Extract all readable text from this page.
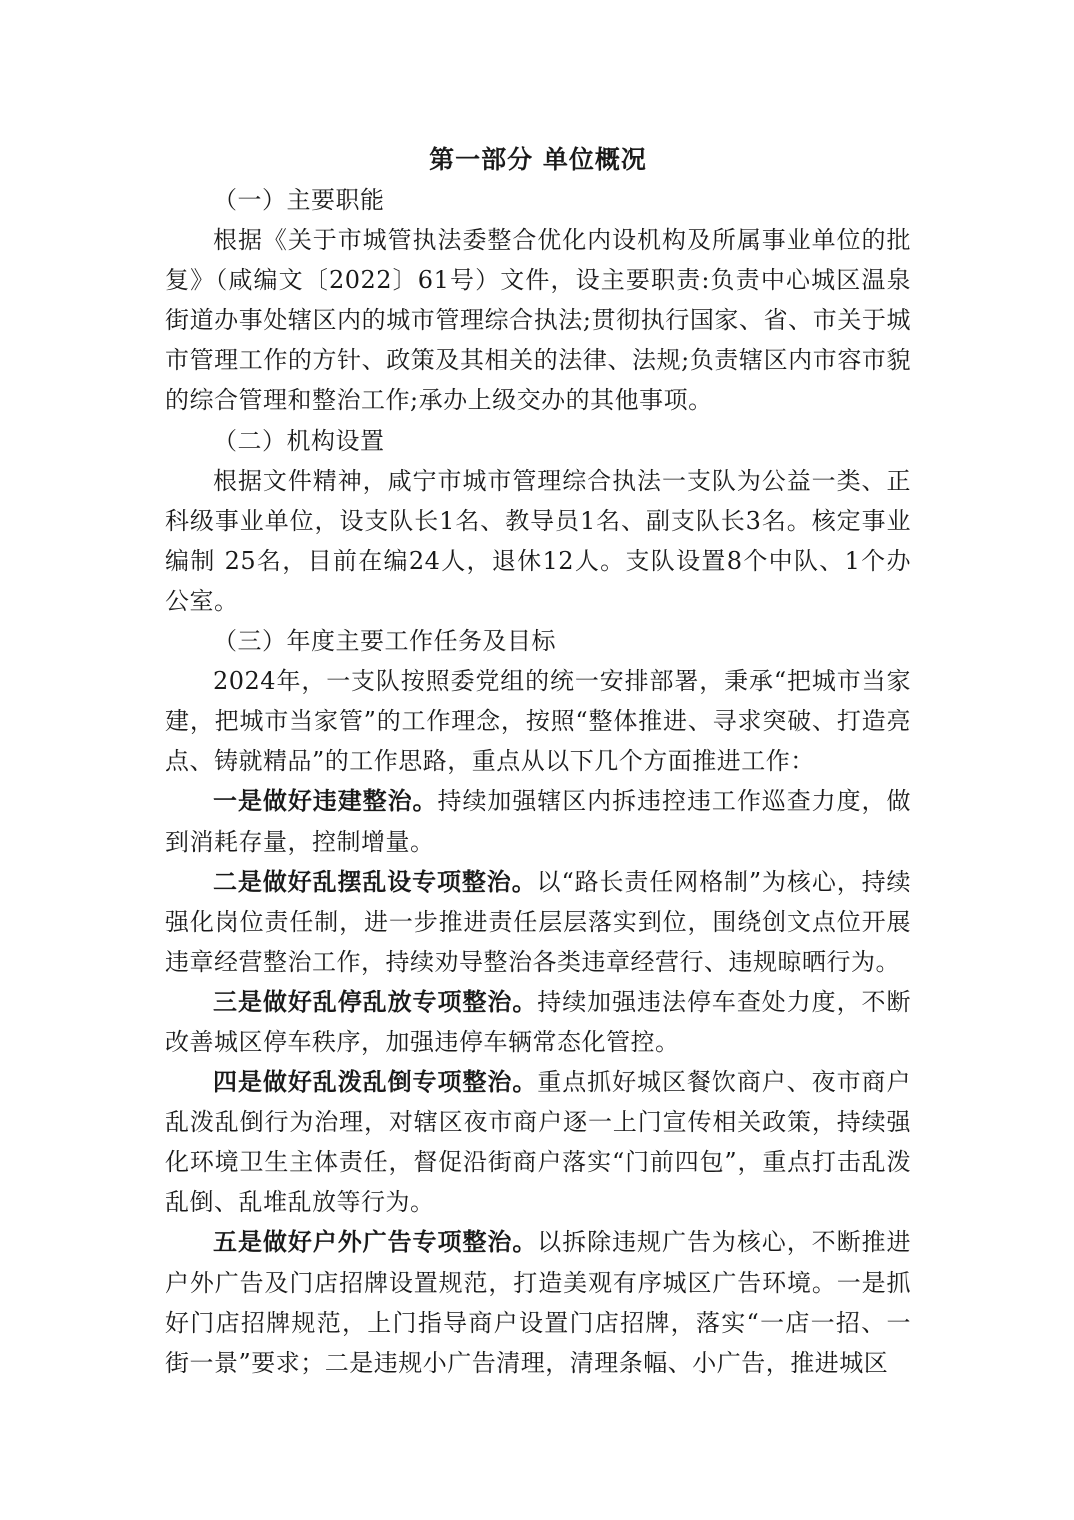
第一部分 单位概况

（一）主要职能

根据《关于市城管执法委整合优化内设机构及所属事业单位的批复》（咸编文〔2022〕61号）文件，设主要职责:负责中心城区温泉街道办事处辖区内的城市管理综合执法;贯彻执行国家、省、市关于城市管理工作的方针、政策及其相关的法律、法规;负责辖区内市容市貌的综合管理和整治工作;承办上级交办的其他事项。

（二）机构设置

根据文件精神，咸宁市城市管理综合执法一支队为公益一类、正科级事业单位，设支队长1名、教导员1名、副支队长3名。核定事业编制 25名，目前在编24人，退休12人。支队设置8个中队、1个办公室。

（三）年度主要工作任务及目标

2024年，一支队按照委党组的统一安排部署，秉承“把城市当家建，把城市当家管”的工作理念，按照“整体推进、寻求突破、打造亮点、铸就精品”的工作思路，重点从以下几个方面推进工作：

一是做好违建整治。持续加强辖区内拆违控违工作巡查力度，做到消耗存量，控制增量。

二是做好乱摆乱设专项整治。以“路长责任网格制”为核心，持续强化岗位责任制，进一步推进责任层层落实到位，围绕创文点位开展违章经营整治工作，持续劝导整治各类违章经营行、违规晾晒行为。

三是做好乱停乱放专项整治。持续加强违法停车查处力度，不断改善城区停车秩序，加强违停车辆常态化管控。

四是做好乱泼乱倒专项整治。重点抓好城区餐饮商户、夜市商户乱泼乱倒行为治理，对辖区夜市商户逐一上门宣传相关政策，持续强化环境卫生主体责任，督促沿街商户落实“门前四包”，重点打击乱泼乱倒、乱堆乱放等行为。

五是做好户外广告专项整治。以拆除违规广告为核心，不断推进户外广告及门店招牌设置规范，打造美观有序城区广告环境。一是抓好门店招牌规范，上门指导商户设置门店招牌，落实“一店一招、一街一景”要求；二是违规小广告清理，清理条幅、小广告，推进城区
